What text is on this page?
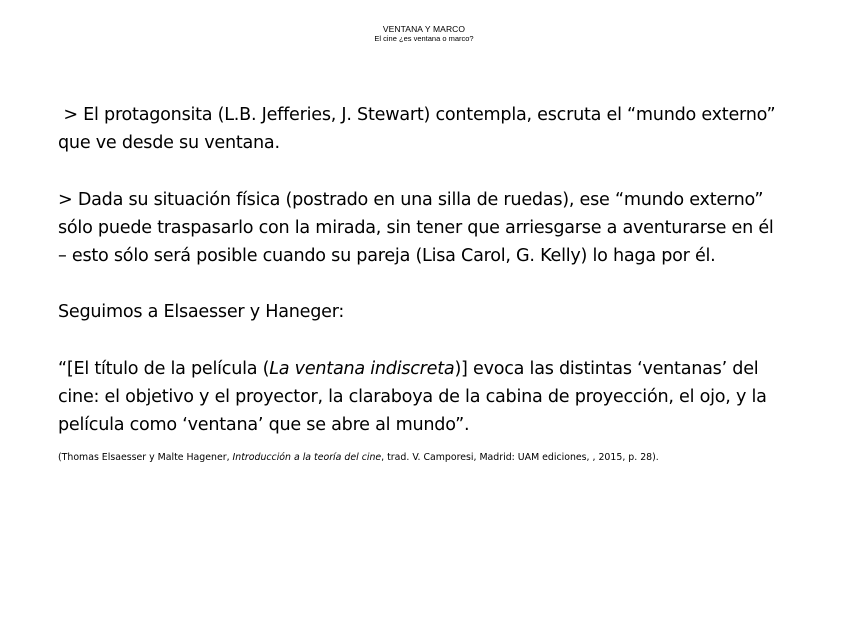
VENTANA Y MARCO
El cine ¿es ventana o marco?

> El protagonsita (L.B. Jefferies, J. Stewart) contempla, escruta el “mundo externo” que ve desde su ventana.

> Dada su situación física (postrado en una silla de ruedas), ese “mundo externo” sólo puede traspasarlo con la mirada, sin tener que arriesgarse a aventurarse en él – esto sólo será posible cuando su pareja (Lisa Carol, G. Kelly) lo haga por él.

Seguimos a Elsaesser y Haneger:

“[El título de la película (La ventana indiscreta)] evoca las distintas ‘ventanas’ del cine: el objetivo y el proyector, la claraboya de la cabina de proyección, el ojo, y la película como ‘ventana’ que se abre al mundo”.

(Thomas Elsaesser y Malte Hagener, Introducción a la teoría del cine, trad. V. Camporesi, Madrid: UAM ediciones, , 2015, p. 28).
